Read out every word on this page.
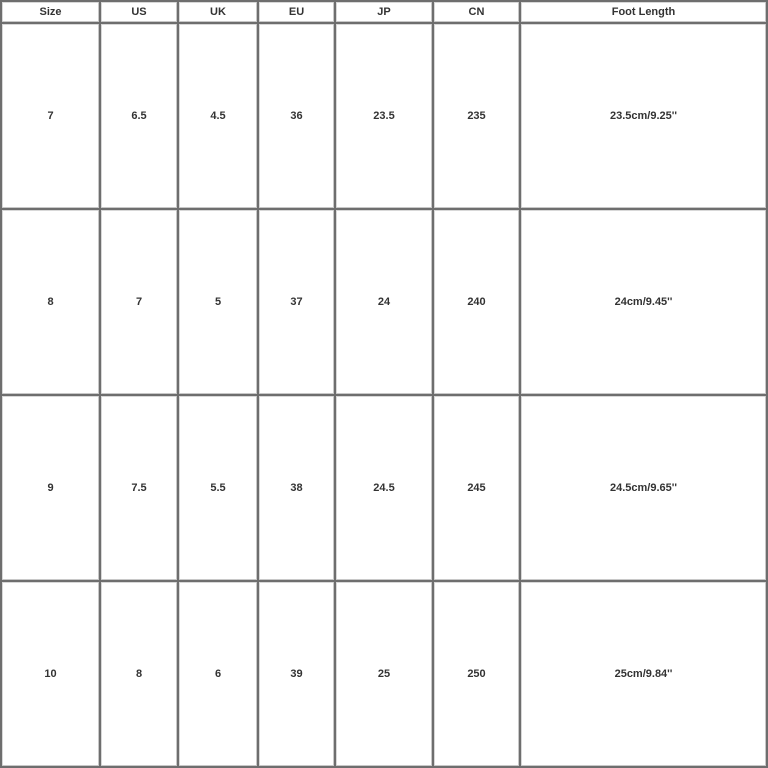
Size	US	UK	EU	JP	CN	Foot Length
7	6.5	4.5	36	23.5	235	23.5cm/9.25''
8	7	5	37	24	240	24cm/9.45''
9	7.5	5.5	38	24.5	245	24.5cm/9.65''
10	8	6	39	25	250	25cm/9.84''
